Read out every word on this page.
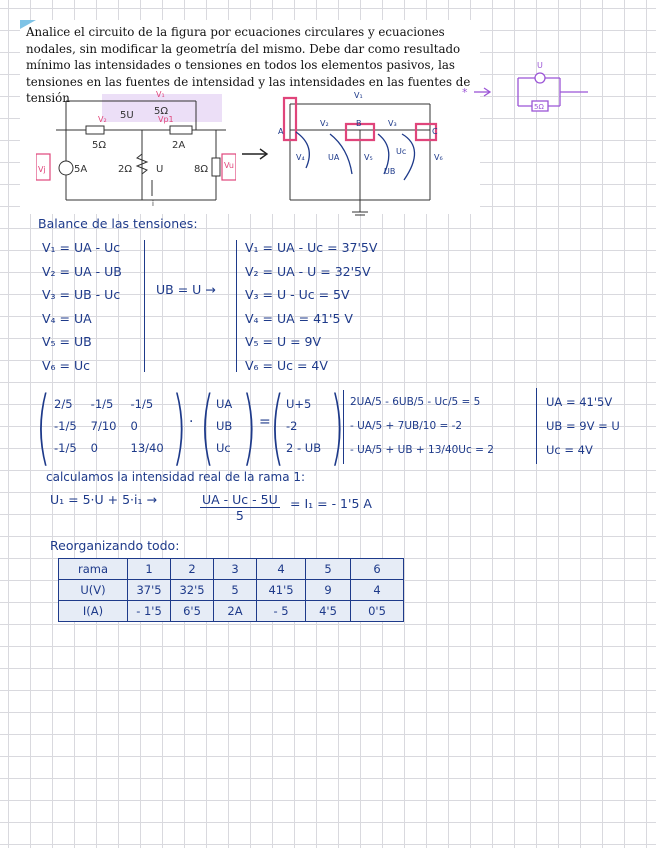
Analice el circuito de la figura por ecuaciones circulares y ecuaciones nodales, sin modificar la geometría del mismo. Debe dar como resultado mínimo las intensidades o tensiones en todos los elementos pasivos, las tensiones en las fuentes de intensidad y las intensidades en las fuentes de tensión
V₂	Vp1
V₁
Vj	Vu
5U 5Ω
5Ω	2A
5A	2Ω U	8Ω
i
A
B
C
V₁
V₂	V₃
V₄	V₅	V₆
UA
UB
Uc
*
U
5Ω
Balance de las tensiones:
V₁ = UA - Uc
V₂ = UA - UB
V₃ = UB - Uc
V₄ = UA
V₅ = UB
V₆ = Uc
UB = U →
V₁ = UA - Uc = 37'5V
V₂ = UA - U = 32'5V
V₃ = U - Uc = 5V
V₄ = UA = 41'5 V
V₅ = U = 9V
V₆ = Uc = 4V
( 2/5	-1/5	-1/5
-1/5	7/10	0
-1/5	0	13/40 ) · ( UA
UB
Uc ) = ( U+5
-2
2 - UB ) 2UA/5 - 6UB/5 - Uc/5 = 5
- UA/5 + 7UB/10 = -2
- UA/5 + UB + 13/40Uc = 2
UA = 41'5V
UB = 9V = U
Uc = 4V
calculamos la intensidad real de la rama 1:
U₁ = 5·U + 5·i₁ →	$\frac{UA - Uc - 5U}{5} = I_1$ = - 1'5 A
Reorganizando todo:
rama	1	2	3	4	5	6
U(V)	37'5	32'5	5	41'5	9	4
I(A)	- 1'5	6'5	2A	- 5	4'5	0'5
